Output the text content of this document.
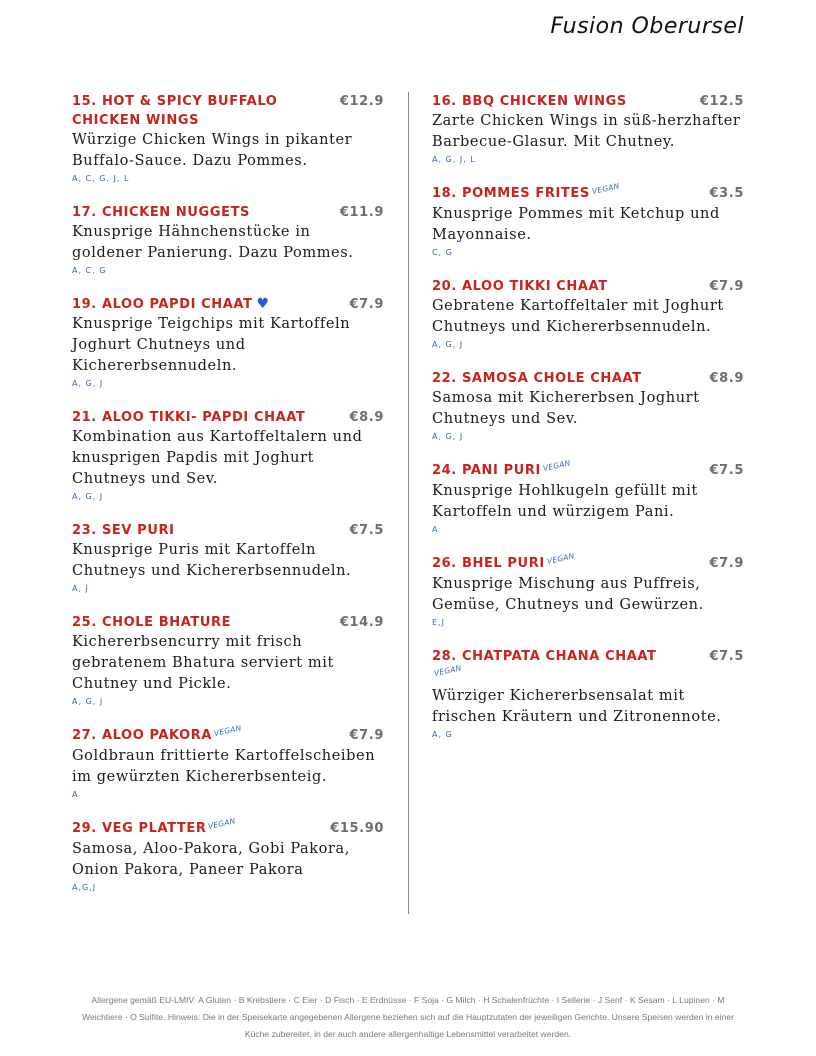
Fusion Oberursel
15. HOT & SPICY BUFFALO CHICKEN WINGS
€12.9
Würzige Chicken Wings in pikanter Buffalo-Sauce. Dazu Pommes.
A, C, G, J, L
17. CHICKEN NUGGETS	€11.9
Knusprige Hähnchenstücke in goldener Panierung. Dazu Pommes.
A, C, G
19. ALOO PAPDI CHAAT ♥	€7.9
Knusprige Teigchips mit Kartoffeln Joghurt Chutneys und Kichererbsennudeln.
A, G, J
21. ALOO TIKKI- PAPDI CHAAT	€8.9
Kombination aus Kartoffeltalern und knusprigen Papdis mit Joghurt Chutneys und Sev.
A, G, J
23. SEV PURI	€7.5
Knusprige Puris mit Kartoffeln Chutneys und Kichererbsennudeln.
A, J
25. CHOLE BHATURE	€14.9
Kichererbsencurry mit frisch gebratenem Bhatura serviert mit Chutney und Pickle.
A, G, J
27. ALOO PAKORAVEGAN	€7.9
Goldbraun frittierte Kartoffelscheiben im gewürzten Kichererbsenteig.
A
29. VEG PLATTERVEGAN	€15.90
Samosa, Aloo-Pakora, Gobi Pakora, Onion Pakora, Paneer Pakora
A,G,J
16. BBQ CHICKEN WINGS	€12.5
Zarte Chicken Wings in süß-herzhafter Barbecue-Glasur. Mit Chutney.
A, G, J, L
18. POMMES FRITESVEGAN	€3.5
Knusprige Pommes mit Ketchup und Mayonnaise.
C, G
20. ALOO TIKKI CHAAT	€7.9
Gebratene Kartoffeltaler mit Joghurt Chutneys und Kichererbsennudeln.
A, G, J
22. SAMOSA CHOLE CHAAT	€8.9
Samosa mit Kichererbsen Joghurt Chutneys und Sev.
A, G, J
24. PANI PURIVEGAN	€7.5
Knusprige Hohlkugeln gefüllt mit Kartoffeln und würzigem Pani.
A
26. BHEL PURIVEGAN	€7.9
Knusprige Mischung aus Puffreis, Gemüse, Chutneys und Gewürzen.
E,J
28. CHATPATA CHANA CHAATVEGAN
€7.5
Würziger Kichererbsensalat mit frischen Kräutern und Zitronennote.
A, G
Allergene gemäß EU-LMIV: A Gluten · B Krebstiere · C Eier · D Fisch · E Erdnüsse · F Soja · G Milch · H Schalenfrüchte · I Sellerie · J Senf · K Sesam · L Lupinen · M Weichtiere · O Sulfite. Hinweis: Die in der Speisekarte angegebenen Allergene beziehen sich auf die Hauptzutaten der jeweiligen Gerichte. Unsere Speisen werden in einer Küche zubereitet, in der auch andere allergenhaltige Lebensmittel verarbeitet werden.
